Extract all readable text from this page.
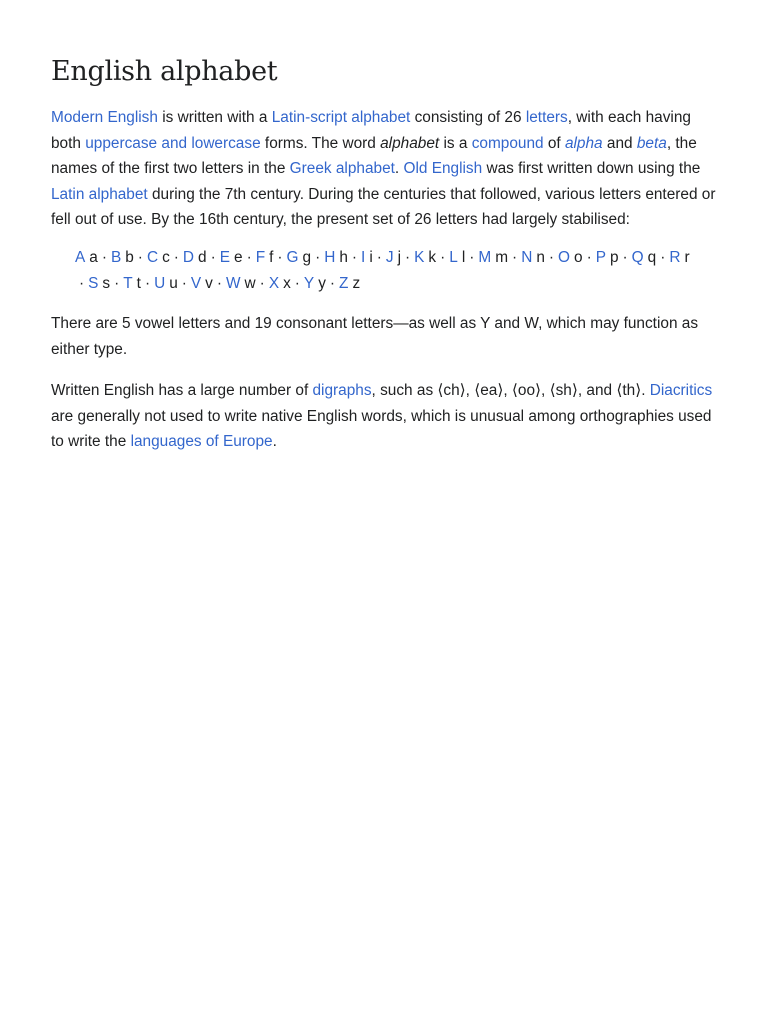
English alphabet

Modern English is written with a Latin-script alphabet consisting of 26 letters, with each having both uppercase and lowercase forms. The word alphabet is a compound of alpha and beta, the names of the first two letters in the Greek alphabet. Old English was first written down using the Latin alphabet during the 7th century. During the centuries that followed, various letters entered or fell out of use. By the 16th century, the present set of 26 letters had largely stabilised:

A a · B b · C c · D d · E e · F f · G g · H h · I i · J j · K k · L l · M m · N n · O o · P p · Q q · R r
· S s · T t · U u · V v · W w · X x · Y y · Z z

There are 5 vowel letters and 19 consonant letters—as well as Y and W, which may function as either type.

Written English has a large number of digraphs, such as ⟨ch⟩, ⟨ea⟩, ⟨oo⟩, ⟨sh⟩, and ⟨th⟩. Diacritics are generally not used to write native English words, which is unusual among orthographies used to write the languages of Europe.
